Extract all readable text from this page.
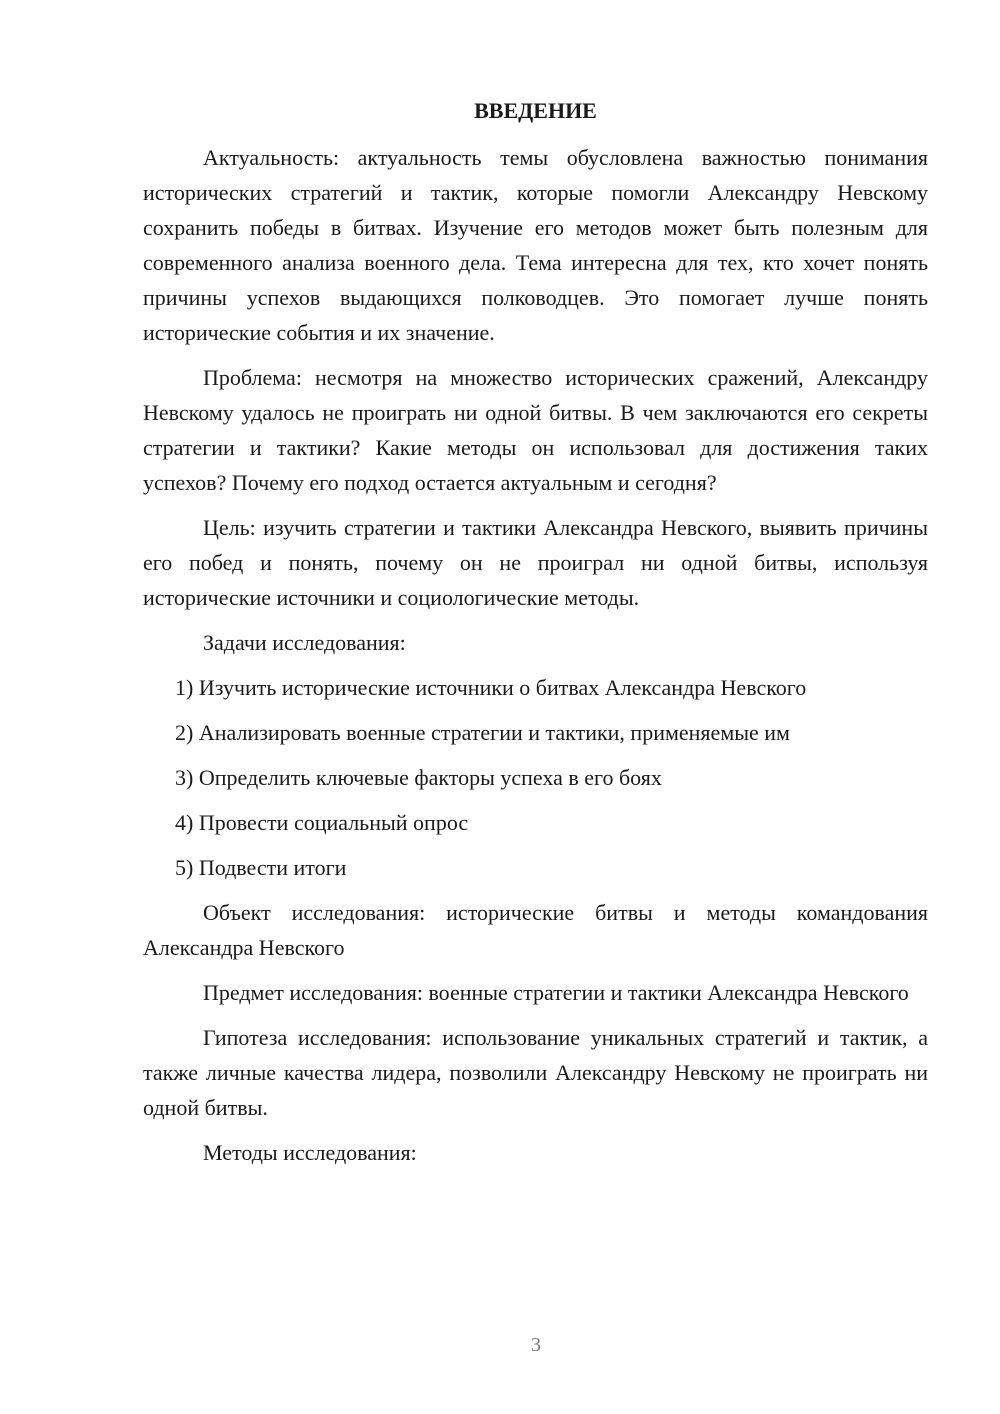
ВВЕДЕНИЕ

Актуальность: актуальность темы обусловлена важностью понимания исторических стратегий и тактик, которые помогли Александру Невскому сохранить победы в битвах. Изучение его методов может быть полезным для современного анализа военного дела. Тема интересна для тех, кто хочет понять причины успехов выдающихся полководцев. Это помогает лучше понять исторические события и их значение.

Проблема: несмотря на множество исторических сражений, Александру Невскому удалось не проиграть ни одной битвы. В чем заключаются его секреты стратегии и тактики? Какие методы он использовал для достижения таких успехов? Почему его подход остается актуальным и сегодня?

Цель: изучить стратегии и тактики Александра Невского, выявить причины его побед и понять, почему он не проиграл ни одной битвы, используя исторические источники и социологические методы.

Задачи исследования:

1) Изучить исторические источники о битвах Александра Невского

2) Анализировать военные стратегии и тактики, применяемые им

3) Определить ключевые факторы успеха в его боях

4) Провести социальный опрос

5) Подвести итоги

Объект исследования: исторические битвы и методы командования Александра Невского

Предмет исследования: военные стратегии и тактики Александра Невского

Гипотеза исследования: использование уникальных стратегий и тактик, а также личные качества лидера, позволили Александру Невскому не проиграть ни одной битвы.

Методы исследования:

3
